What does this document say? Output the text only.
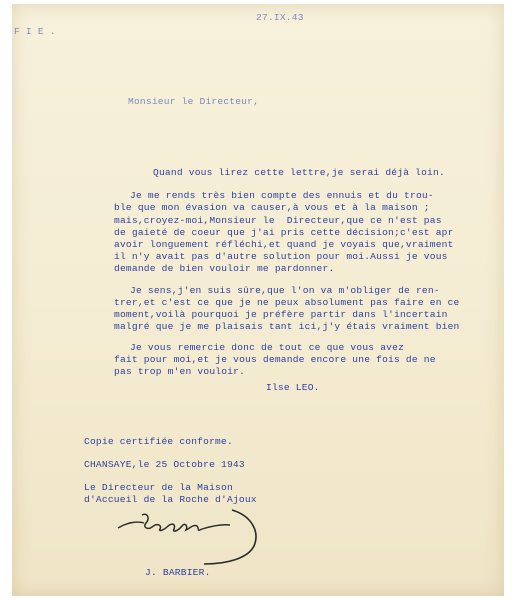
F I E .
27.IX.43
Monsieur le Directeur,
Quand vous lirez cette lettre,je serai déjà loin.
Je me rends très bien compte des ennuis et du trou-
ble que mon évasion va causer,à vous et à la maison ;
mais,croyez-moi,Monsieur le  Directeur,que ce n'est pas
de gaieté de coeur que j'ai pris cette décision;c'est apr
avoir longuement réfléchi,et quand je voyais que,vraiment
il n'y avait pas d'autre solution pour moi.Aussi je vous
demande de bien vouloir me pardonner.
Je sens,j'en suis sûre,que l'on va m'obliger de ren-
trer,et c'est ce que je ne peux absolument pas faire en ce
moment,voilà pourquoi je préfère partir dans l'incertain
malgré que je me plaisais tant ici,j'y étais vraiment bien
Je vous remercie donc de tout ce que vous avez
fait pour moi,et je vous demande encore une fois de ne
pas trop m'en vouloir.
Ilse LEO.
Copie certifiée conforme.
CHANSAYE,le 25 Octobre 1943
Le Directeur de la Maison
d'Accueil de la Roche d'Ajoux
J. BARBIER.
